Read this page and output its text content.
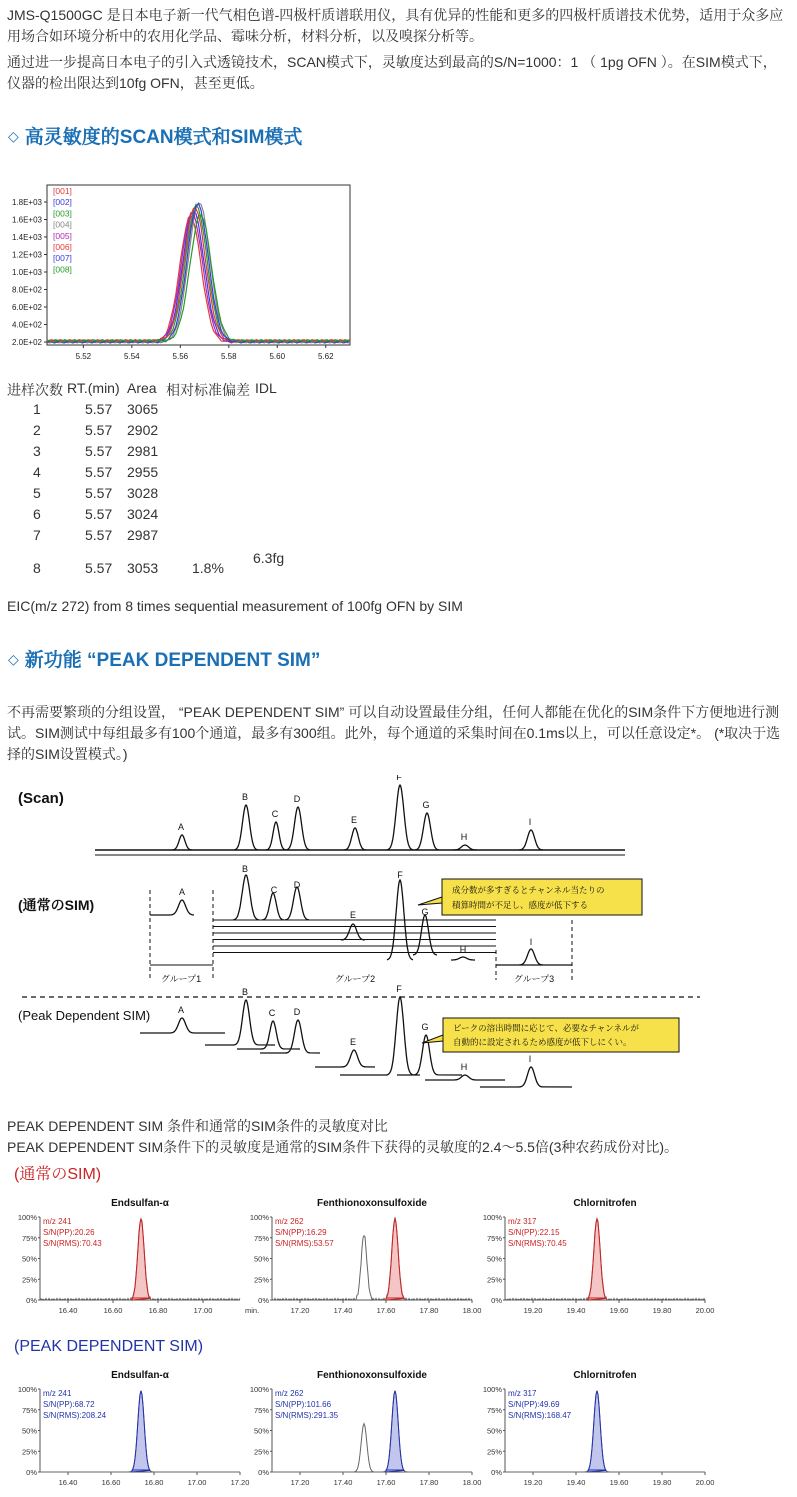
JMS-Q1500GC 是日本电子新一代气相色谱-四极杆质谱联用仪，具有优异的性能和更多的四极杆质谱技术优势，适用于众多应用场合如环境分析中的农用化学品、霉味分析，材料分析，以及嗅探分析等。

通过进一步提高日本电子的引入式透镜技术，SCAN模式下，灵敏度达到最高的S/N=1000：1 （ 1pg OFN ）。在SIM模式下，仪器的检出限达到10fg OFN，甚至更低。

◇ 高灵敏度的SCAN模式和SIM模式
2.0E+02
4.0E+02
6.0E+02
8.0E+02
1.0E+03
1.2E+03
1.4E+03
1.6E+03
1.8E+03
5.52	5.54	5.56	5.58	5.60	5.62
[001]
[002]
[003]
[004]
[005]
[006]
[007]
[008]
进样次数 RT.(min) Area 相对标准偏差 IDL
1	5.57 3065
2	5.57 2902
3	5.57 2981
4	5.57 2955
5	5.57 3028
6	5.57 3024
7	5.57 2987
8	5.57 3053 1.8%
6.3fg

EIC(m/z 272) from 8 times sequential measurement of 100fg OFN by SIM

◇ 新功能 “PEAK DEPENDENT SIM”

不再需要繁琐的分组设置， “PEAK DEPENDENT SIM” 可以自动设置最佳分组，任何人都能在优化的SIM条件下方便地进行测试。SIM测试中每组最多有100个通道，最多有300组。此外，每个通道的采集时间在0.1ms以上，可以任意设定*。 (*取决于选择的SIM设置模式。)

(Scan)
A
B
C
D
E
F
G
H
I
(通常のSIM)
A
B
C D
E
F
G
H
I
グループ1	グループ2	グループ3
成分数が多すぎるとチャンネル当たりの
積算時間が不足し、感度が低下する
(Peak Dependent SIM)	A
B
C D
E
F
G
H
I
ピークの溶出時間に応じて、必要なチャンネルが
自動的に設定されるため感度が低下しにくい。

PEAK DEPENDENT SIM 条件和通常的SIM条件的灵敏度对比

PEAK DEPENDENT SIM条件下的灵敏度是通常的SIM条件下获得的灵敏度的2.4～5.5倍(3种农药成份对比)。

(通常のSIM)
Endsulfan-α
100%
75%
50%
25%
0%
16.40	16.60	16.80	17.00	min.
m/z 241
S/N(PP):20.26
S/N(RMS):70.43
Fenthionoxonsulfoxide
100%
75%
50%
25%
0%
17.20	17.40	17.60	17.80	18.00
m/z 262
S/N(PP):16.29
S/N(RMS):53.57
Chlornitrofen
100%
75%
50%
25%
0%
19.20	19.40	19.60	19.80	20.00
m/z 317
S/N(PP):22.15
S/N(RMS):70.45
(PEAK DEPENDENT SIM)
Endsulfan-α
100%
75%
50%
25%
0%
16.40	16.60	16.80	17.00	17.20
m/z 241
S/N(PP):68.72
S/N(RMS):208.24
Fenthionoxonsulfoxide
100%
75%
50%
25%
0%
17.20	17.40	17.60	17.80	18.00
m/z 262
S/N(PP):101.66
S/N(RMS):291.35
Chlornitrofen
100%
75%
50%
25%
0%
19.20	19.40	19.60	19.80	20.00
m/z 317
S/N(PP):49.69
S/N(RMS):168.47
